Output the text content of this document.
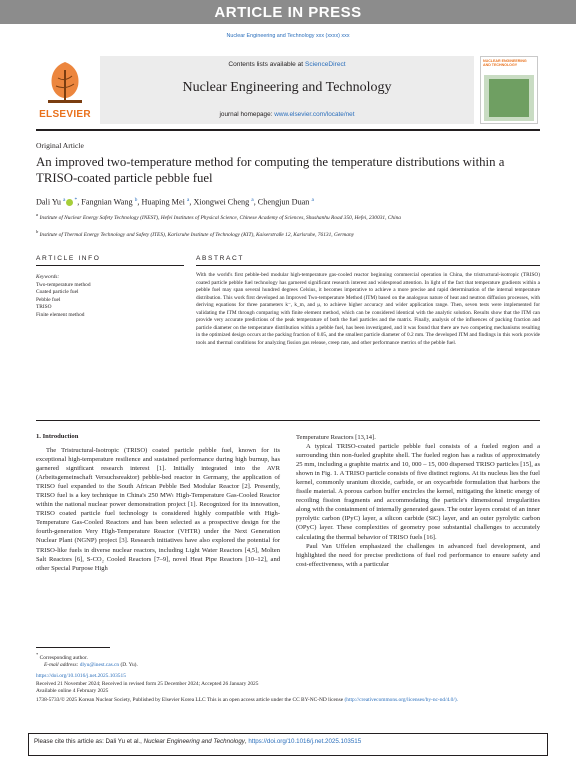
ARTICLE IN PRESS
Nuclear Engineering and Technology xxx (xxxx) xxx
ELSEVIER
Contents lists available at ScienceDirect
Nuclear Engineering and Technology
journal homepage: www.elsevier.com/locate/net
NUCLEAR ENGINEERING AND TECHNOLOGY
Original Article
An improved two-temperature method for computing the temperature distributions within a TRISO-coated particle pebble fuel
Dali Yu $^a$ *, Fangnian Wang $^b$, Huaping Mei $^a$, Xiongwei Cheng $^a$, Chengjun Duan $^a$
$^a$ Institute of Nuclear Energy Safety Technology (INEST), Hefei Institutes of Physical Science, Chinese Academy of Sciences, Shushanhu Road 350, Hefei, 230031, China
$^b$ Institute of Thermal Energy Technology and Safety (ITES), Karlsruhe Institute of Technology (KIT), Kaiserstraße 12, Karlsruhe, 76131, Germany
ARTICLE INFO	ABSTRACT
Keywords:
Two-temperature method
Coated particle fuel
Pebble fuel
TRISO
Finite element method
With the world's first pebble-bed modular high-temperature gas-cooled reactor beginning commercial operation in China, the tristructural-isotropic (TRISO) coated particle pebble fuel technology has garnered significant research interest and widespread attention. In light of the fact that temperature gradients within a pebble fuel may span several hundred degrees Celsius, it becomes imperative to achieve a more precise and rapid determination of the internal temperature distribution. This work first developed an Improved Two-temperature Method (ITM) based on the analogous nature of heat and neutron diffusion processes, with deriving equations for three parameters k⁻, k_m, and μ, to achieve higher accuracy and wider application range. Then, seven tests were implemented for validating the ITM through comparing with finite element method, which can be considered identical with the analytic solution. Results show that the ITM can provide very accurate predictions of the peak temperature of both the fuel particles and the matrix. Finally, analysis of the influences of packing fraction and particle diameter on the temperature distribution within a pebble fuel, has been investigated, and it was found that there are two competing mechanisms resulting in the optimized design occurs at the packing fraction of 0.05, and the smallest particle diameter of 0.2 mm. The developed ITM and findings in this work provide tools and thermal conditions for analyzing fission gas release, creep rate, and other performance metrics of the pebble fuel.
1. Introduction

The Tristructural-Isotropic (TRISO) coated particle pebble fuel, known for its exceptional high-temperature resilience and sustained performance during high burnup, has garnered significant research interest [1]. Initially integrated into the AVR (Arbeitsgemeinschaft Versuchsreaktor) pebble-bed reactor in Germany, the application of TRISO fuel expanded to the South African Pebble Bed Modular Reactor [2]. Presently, TRISO fuel is a key technique in China's 250 MWₜ High-Temperature Gas-Cooled Reactor within the national nuclear power demonstration project [1]. Recognized for its innovation, TRISO coated particle fuel technology is considered highly compatible with High-Temperature Gas-Cooled Reactors and has been selected as a prospective design for the fourth-generation Very High-Temperature Reactor (VHTR) under the Next Generation Nuclear Plant (NGNP) project [3]. Research initiatives have also explored the potential for TRISO-like fuels in diverse nuclear reactors, including Light Water Reactors [4,5], Molten Salt Reactors [6], S-CO₂ Cooled Reactors [7–9], novel Heat Pipe Reactors [10–12], and other Special Purpose High

Temperature Reactors [13,14].

A typical TRISO-coated particle pebble fuel consists of a fueled region and a surrounding thin non-fueled graphite shell. The fueled region has a radius of approximately 25 mm, including a graphite matrix and 10, 000 – 15, 000 dispersed TRISO particles [15], as shown in Fig. 1. A TRISO particle consists of five distinct regions. At its nucleus lies the fuel kernel, commonly uranium dioxide, carbide, or an oxycarbide formulation that harbors the fissile material. A porous carbon buffer encircles the kernel, mitigating the kinetic energy of recoiling fission fragments and accommodating the particle's dimensional irregularities along with the containment of internally generated gases. The outer layers consist of an inner pyrolytic carbon (IPyC) layer, a silicon carbide (SiC) layer, and an outer pyrolytic carbon (OPyC) layer. These complexities of geometry pose substantial challenges to accurately calculating the thermal behavior of TRISO fuels [16].

Paul Van Uffelen emphasized the challenges in advanced fuel development, and highlighted the need for precise predictions of fuel rod performance to ensure safety and cost-effectiveness, with a particular

* Corresponding author.
E-mail address: dlyu@inest.cas.cn (D. Yu).
https://doi.org/10.1016/j.net.2025.103515
Received 21 November 2024; Received in revised form 25 December 2024; Accepted 26 January 2025
Available online 4 February 2025
1738-5733/© 2025 Korean Nuclear Society, Published by Elsevier Korea LLC This is an open access article under the CC BY-NC-ND license (http://creativecommons.org/licenses/by-nc-nd/4.0/).
Please cite this article as: Dali Yu et al., Nuclear Engineering and Technology, https://doi.org/10.1016/j.net.2025.103515
